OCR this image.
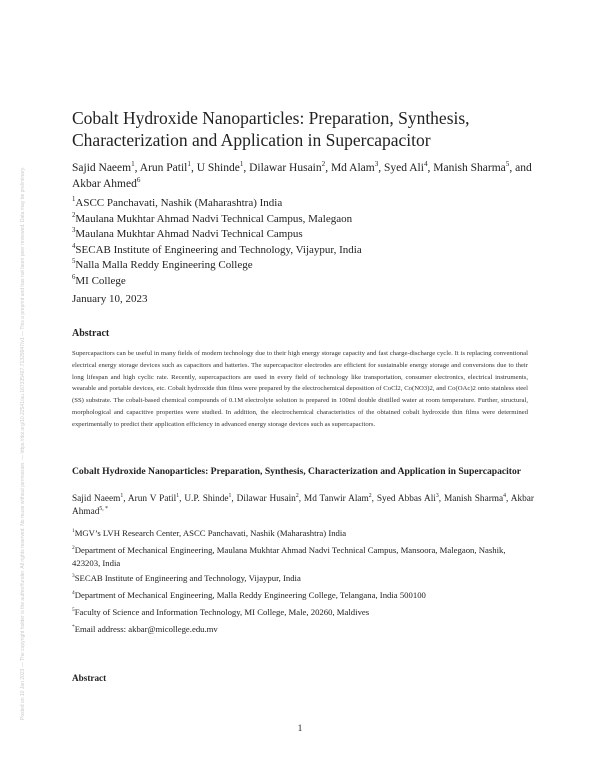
Posted on 10 Jan 2023 — The copyright holder is the author/funder. All rights reserved. No reuse without permission. — https://doi.org/10.22541/au.167335467.71329947/v1 — This a preprint and has not been peer reviewed. Data may be preliminary.
Cobalt Hydroxide Nanoparticles: Preparation, Synthesis,
Characterization and Application in Supercapacitor
Sajid Naeem$^1$, Arun Patil$^1$, U Shinde$^1$, Dilawar Husain$^2$, Md Alam$^3$, Syed Ali$^4$, Manish Sharma$^5$, and Akbar Ahmed$^6$
$^1$ASCC Panchavati, Nashik (Maharashtra) India
$^2$Maulana Mukhtar Ahmad Nadvi Technical Campus, Malegaon
$^3$Maulana Mukhtar Ahmad Nadvi Technical Campus
$^4$SECAB Institute of Engineering and Technology, Vijaypur, India
$^5$Nalla Malla Reddy Engineering College
$^6$MI College
January 10, 2023
Abstract
Supercapacitors can be useful in many fields of modern technology due to their high energy storage capacity and fast charge-discharge cycle. It is replacing conventional electrical energy storage devices such as capacitors and batteries. The supercapacitor electrodes are efficient for sustainable energy storage and conversions due to their long lifespan and high cyclic rate. Recently, supercapacitors are used in every field of technology like transportation, consumer electronics, electrical instruments, wearable and portable devices, etc. Cobalt hydroxide thin films were prepared by the electrochemical deposition of CoCl2, Co(NO3)2, and Co(OAc)2 onto stainless steel (SS) substrate. The cobalt-based chemical compounds of 0.1M electrolyte solution is prepared in 100ml double distilled water at room temperature. Further, structural, morphological and capacitive properties were studied. In addition, the electrochemical characteristics of the obtained cobalt hydroxide thin films were determined experimentally to predict their application efficiency in advanced energy storage devices such as supercapacitors.
Cobalt Hydroxide Nanoparticles: Preparation, Synthesis, Characterization and Application in Supercapacitor
Sajid Naeem$^1$, Arun V Patil$^1$, U.P. Shinde$^1$, Dilawar Husain$^2$, Md Tanwir Alam$^2$, Syed Abbas Ali$^3$, Manish Sharma$^4$, Akbar Ahmad$^{5, *}$
$^1$MGV’s LVH Research Center, ASCC Panchavati, Nashik (Maharashtra) India
$^2$Department of Mechanical Engineering, Maulana Mukhtar Ahmad Nadvi Technical Campus, Mansoora, Malegaon, Nashik, 423203, India
$^3$SECAB Institute of Engineering and Technology, Vijaypur, India
$^4$Department of Mechanical Engineering, Malla Reddy Engineering College, Telangana, India 500100
$^5$Faculty of Science and Information Technology, MI College, Male, 20260, Maldives
*Email address: akbar@micollege.edu.mv
Abstract
1
